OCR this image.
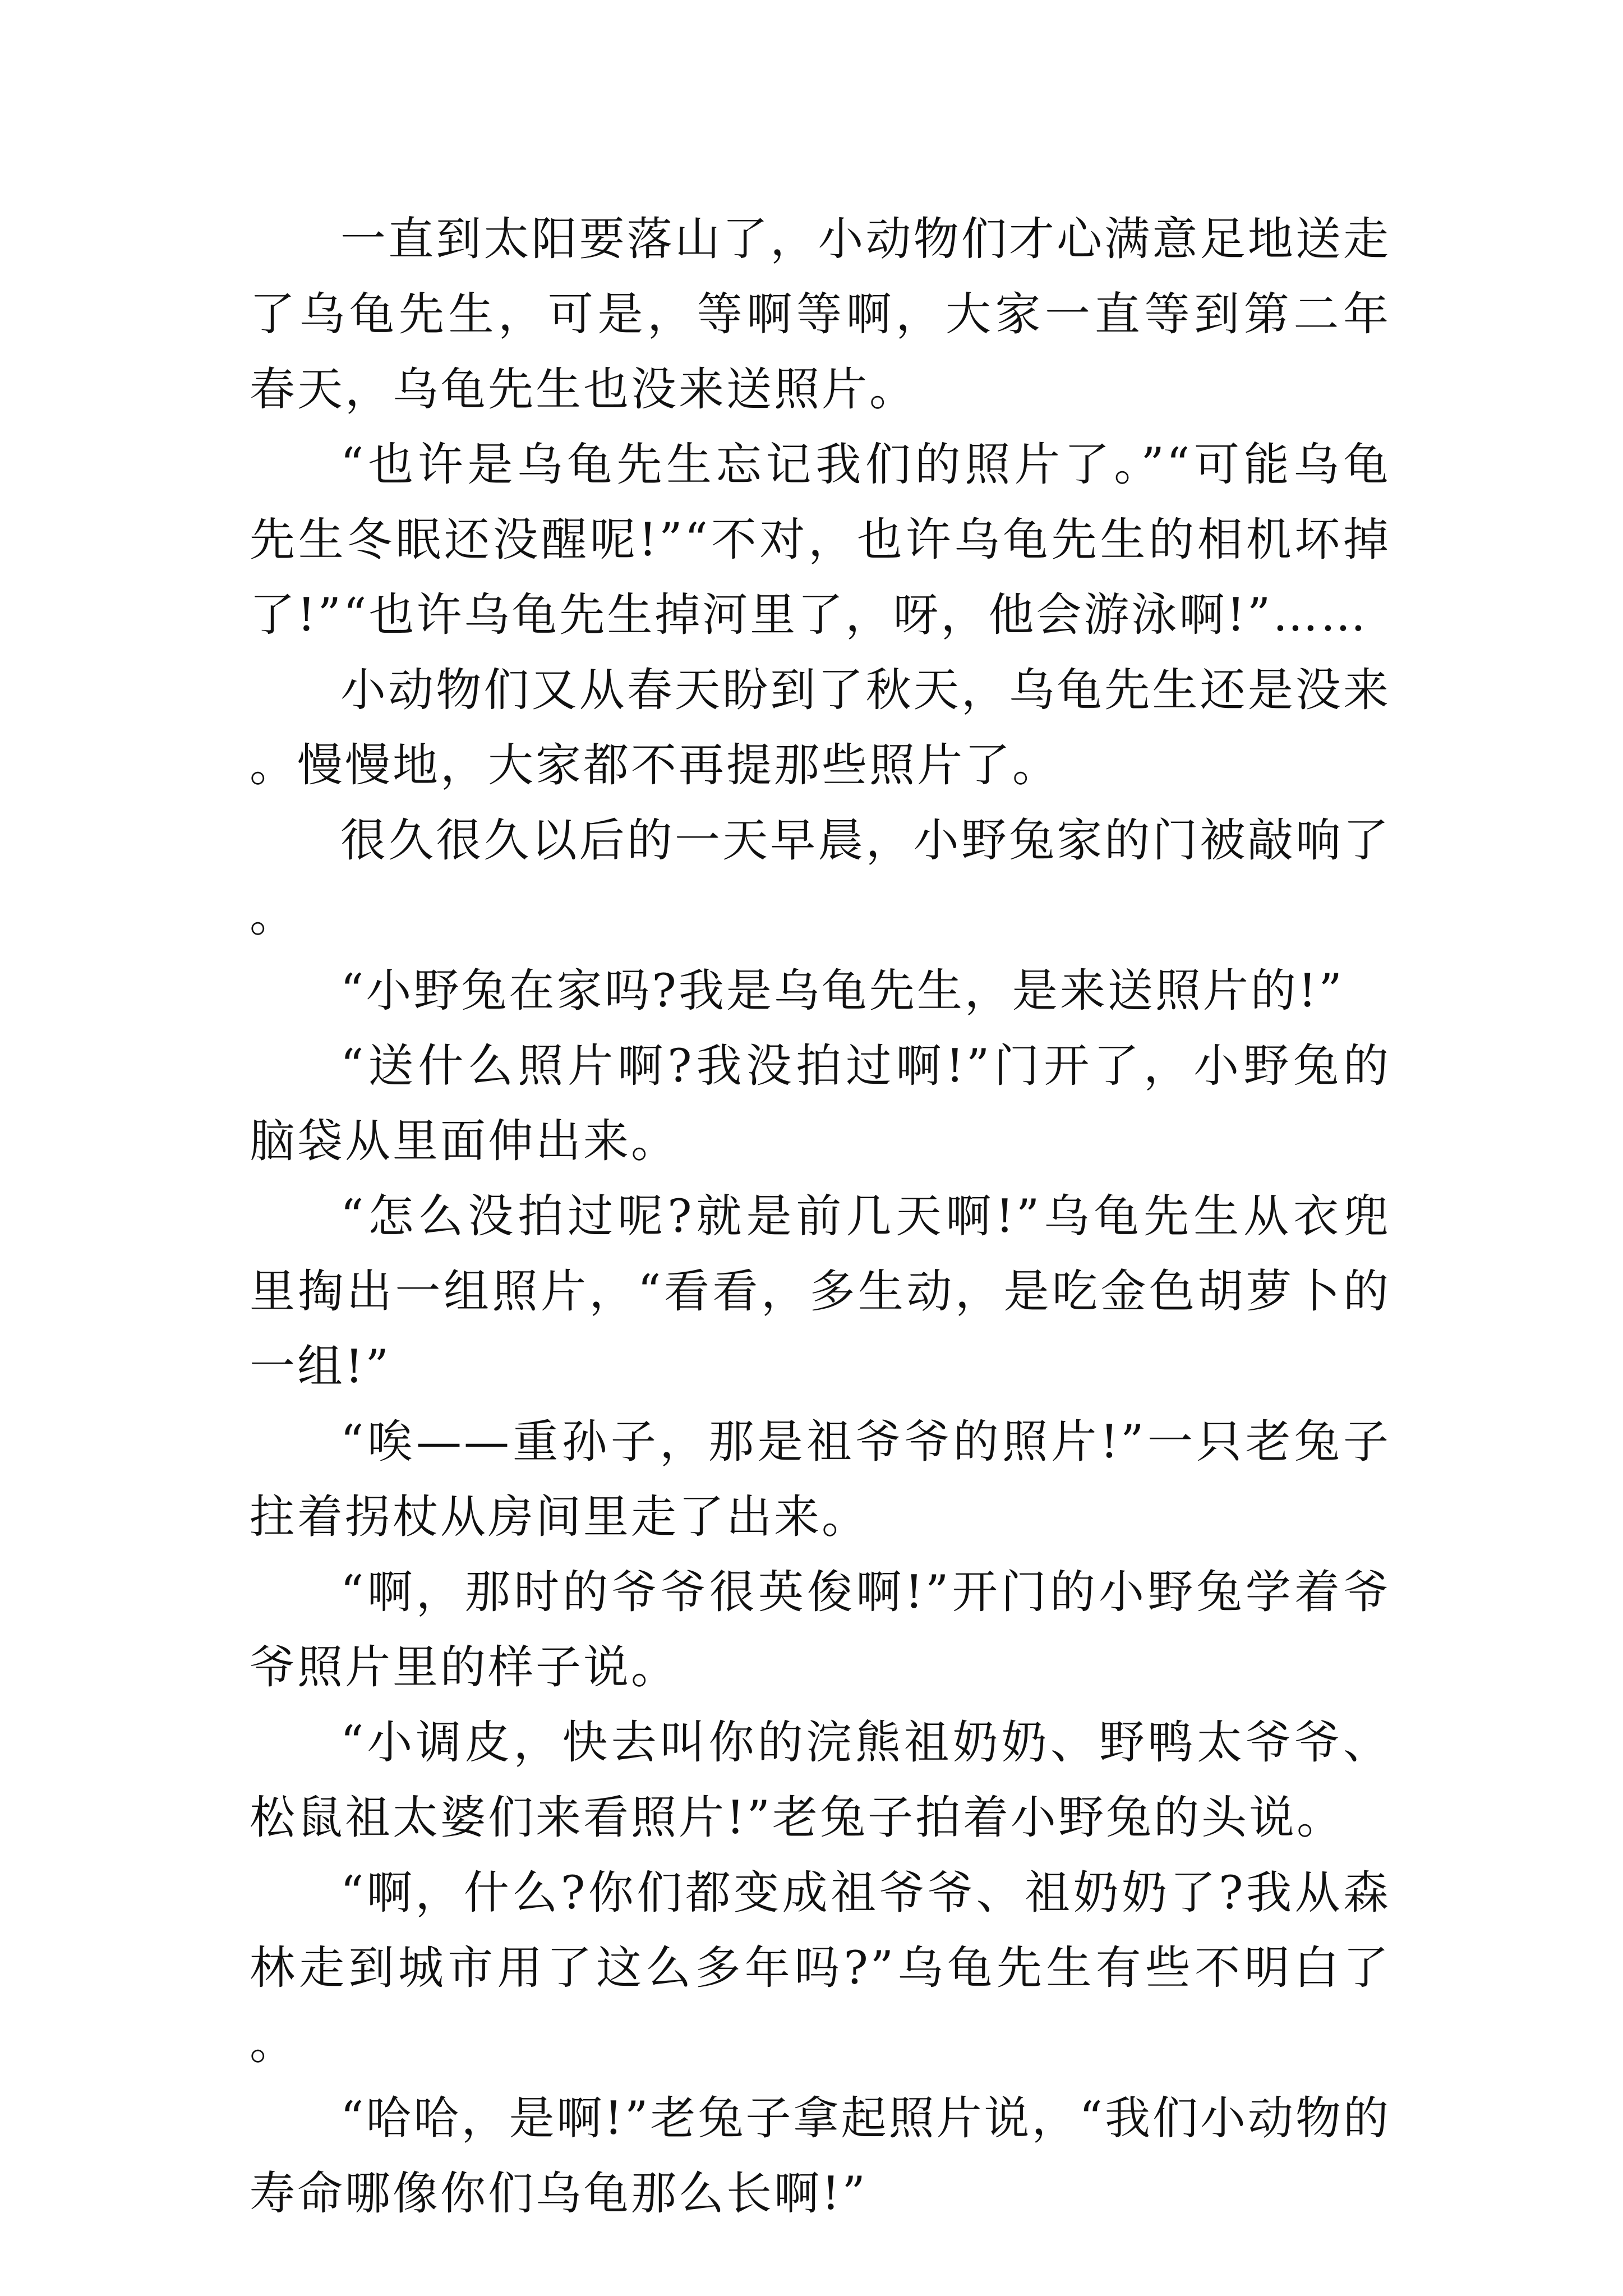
一直到太阳要落山了，小动物们才心满意足地送走了乌龟先生，可是，等啊等啊，大家一直等到第二年春天，乌龟先生也没来送照片。

“也许是乌龟先生忘记我们的照片了。”“可能乌龟先生冬眠还没醒呢!”“不对，也许乌龟先生的相机坏掉了!”“也许乌龟先生掉河里了，呀，他会游泳啊!”……

小动物们又从春天盼到了秋天，乌龟先生还是没来。慢慢地，大家都不再提那些照片了。

很久很久以后的一天早晨，小野兔家的门被敲响了。

“小野兔在家吗?我是乌龟先生，是来送照片的!”

“送什么照片啊?我没拍过啊!”门开了，小野兔的脑袋从里面伸出来。

“怎么没拍过呢?就是前几天啊!”乌龟先生从衣兜里掏出一组照片，“看看，多生动，是吃金色胡萝卜的一组!”

“唉——重孙子，那是祖爷爷的照片!”一只老兔子拄着拐杖从房间里走了出来。

“啊，那时的爷爷很英俊啊!”开门的小野兔学着爷爷照片里的样子说。

“小调皮，快去叫你的浣熊祖奶奶、野鸭太爷爷、松鼠祖太婆们来看照片!”老兔子拍着小野兔的头说。

“啊，什么?你们都变成祖爷爷、祖奶奶了?我从森林走到城市用了这么多年吗?”乌龟先生有些不明白了。

“哈哈，是啊!”老兔子拿起照片说，“我们小动物的寿命哪像你们乌龟那么长啊!”
